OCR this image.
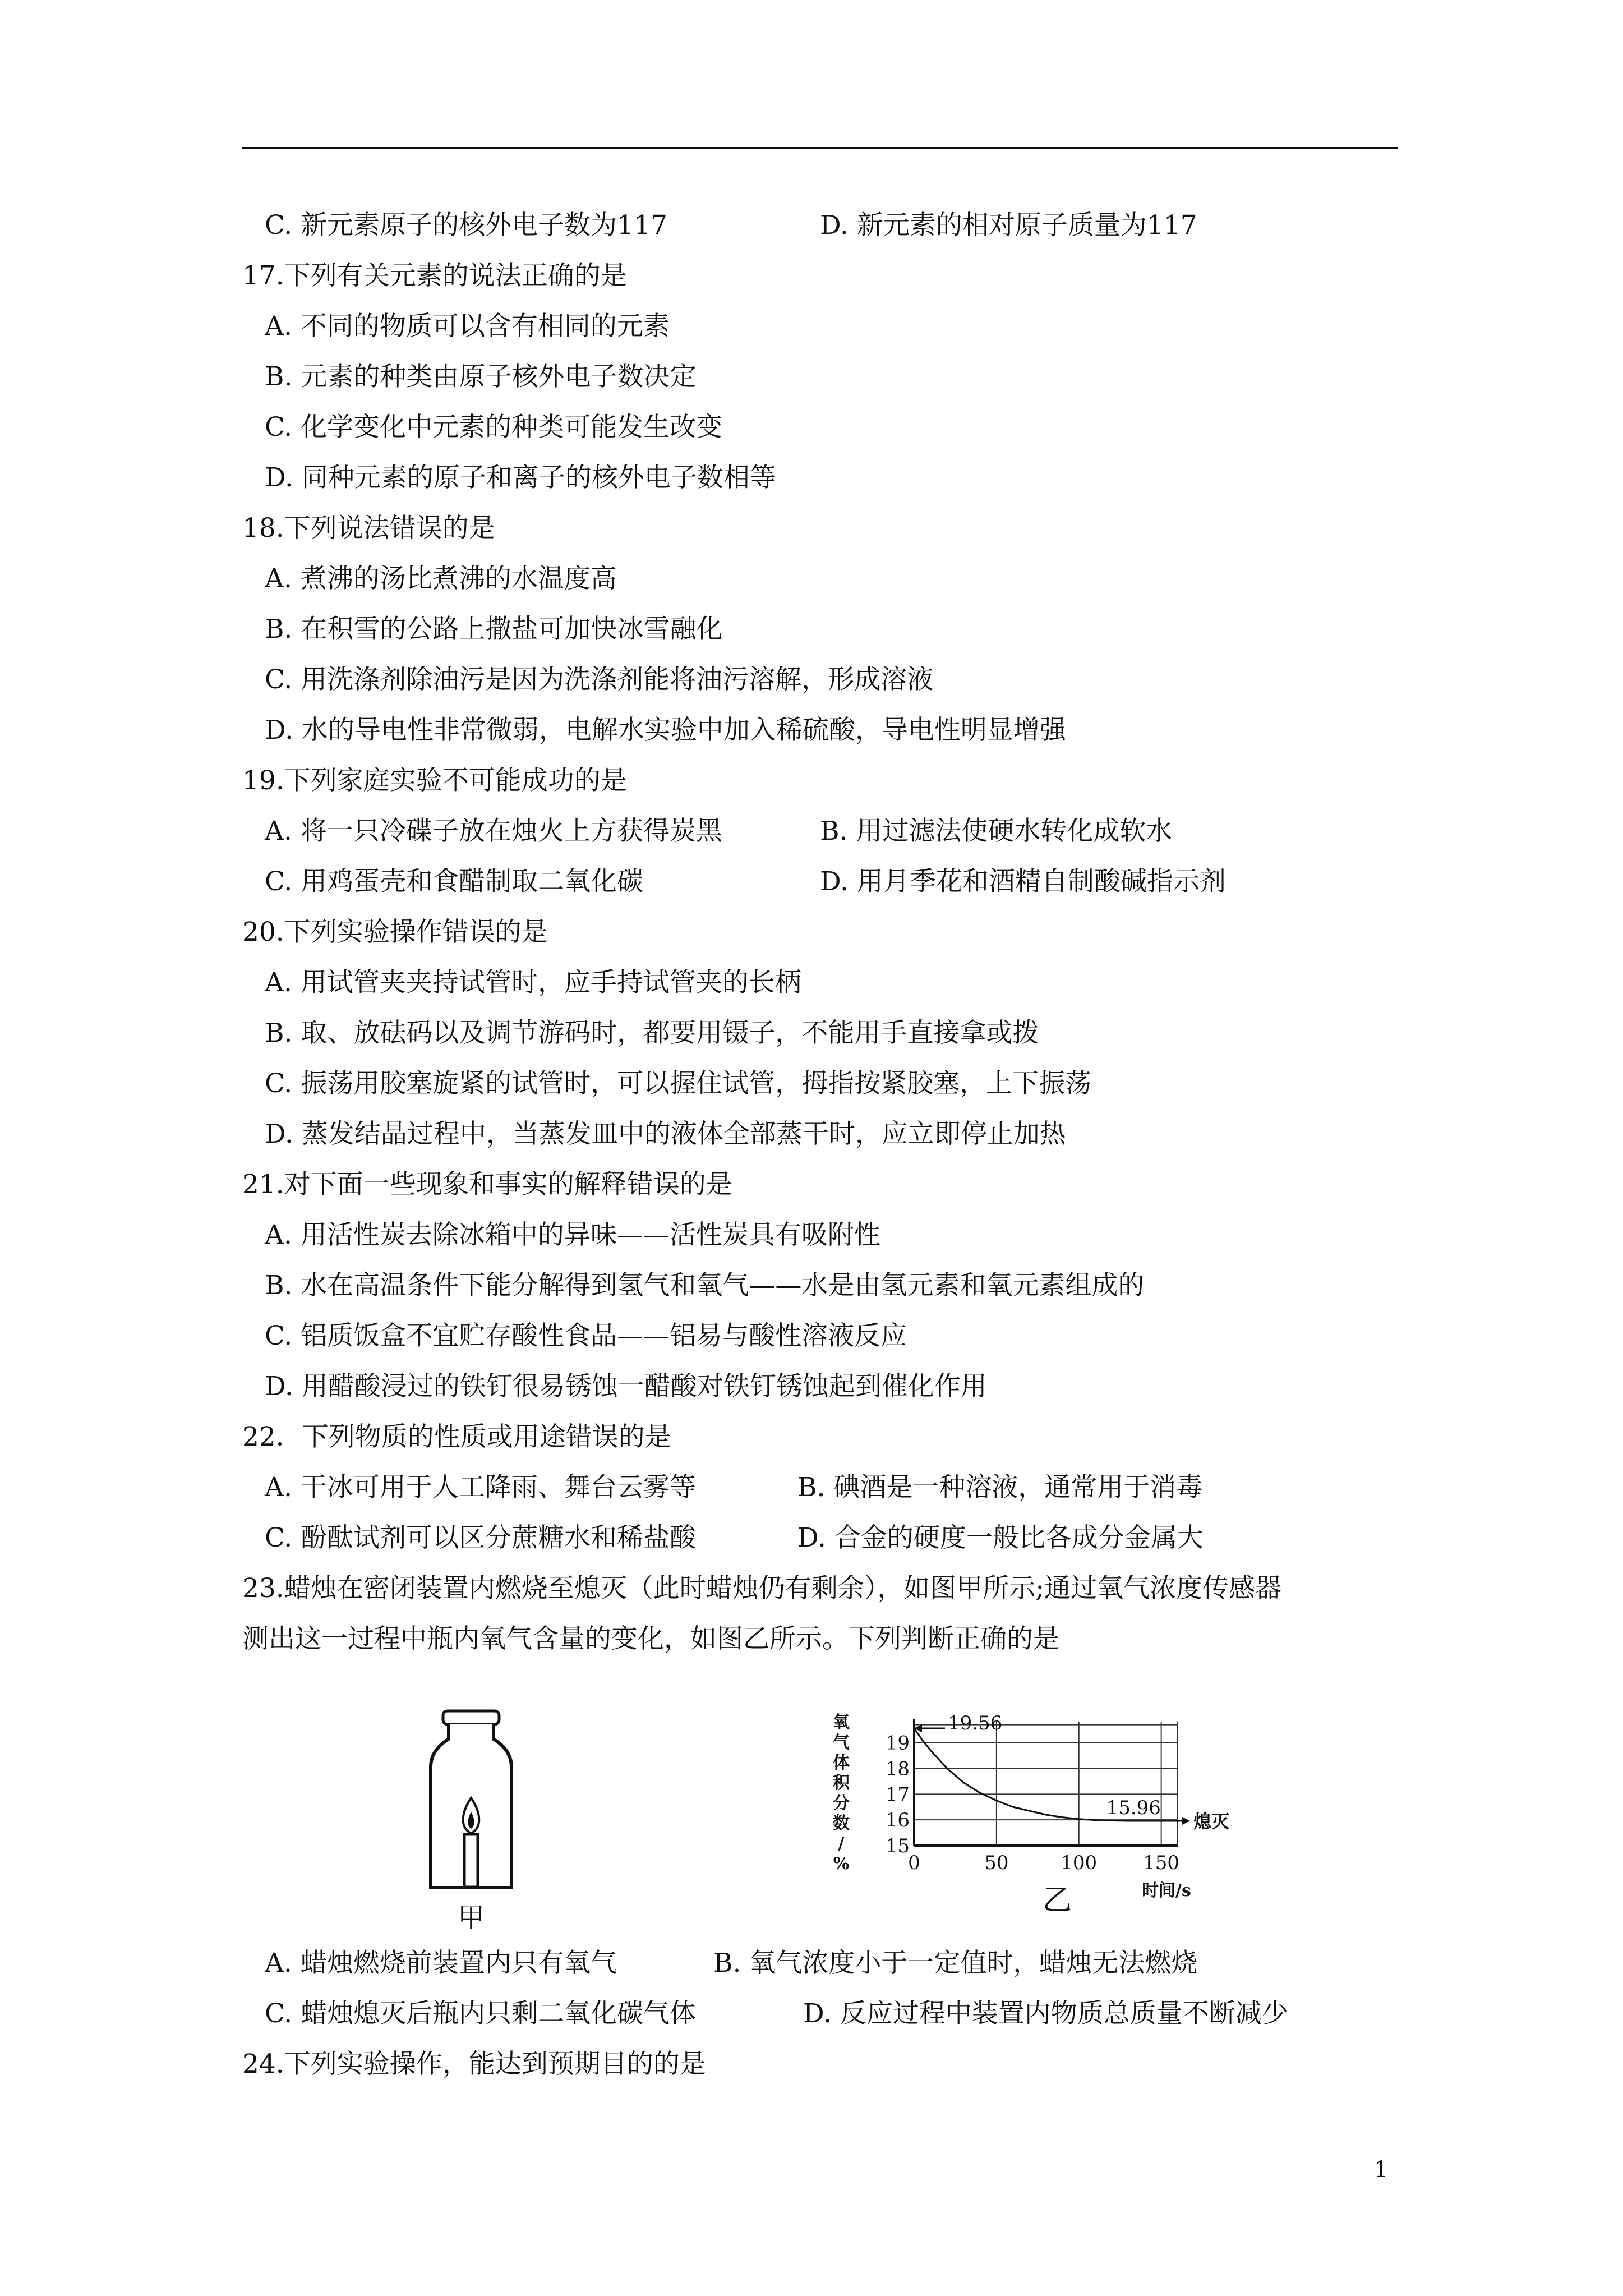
C. 新元素原子的核外电子数为117	D. 新元素的相对原子质量为117
17.下列有关元素的说法正确的是
A. 不同的物质可以含有相同的元素
B. 元素的种类由原子核外电子数决定
C. 化学变化中元素的种类可能发生改变
D. 同种元素的原子和离子的核外电子数相等
18.下列说法错误的是
A. 煮沸的汤比煮沸的水温度高
B. 在积雪的公路上撒盐可加快冰雪融化
C. 用洗涤剂除油污是因为洗涤剂能将油污溶解，形成溶液
D. 水的导电性非常微弱，电解水实验中加入稀硫酸，导电性明显增强
19.下列家庭实验不可能成功的是
A. 将一只冷碟子放在烛火上方获得炭黑	B. 用过滤法使硬水转化成软水
C. 用鸡蛋壳和食醋制取二氧化碳	D. 用月季花和酒精自制酸碱指示剂
20.下列实验操作错误的是
A. 用试管夹夹持试管时，应手持试管夹的长柄
B. 取、放砝码以及调节游码时，都要用镊子，不能用手直接拿或拨
C. 振荡用胶塞旋紧的试管时，可以握住试管，拇指按紧胶塞，上下振荡
D. 蒸发结晶过程中，当蒸发皿中的液体全部蒸干时，应立即停止加热
21.对下面一些现象和事实的解释错误的是
A. 用活性炭去除冰箱中的异味——活性炭具有吸附性
B. 水在高温条件下能分解得到氢气和氧气——水是由氢元素和氧元素组成的
C. 铝质饭盒不宜贮存酸性食品——铝易与酸性溶液反应
D. 用醋酸浸过的铁钉很易锈蚀一醋酸对铁钉锈蚀起到催化作用
22．下列物质的性质或用途错误的是
A. 干冰可用于人工降雨、舞台云雾等	B. 碘酒是一种溶液，通常用于消毒
C. 酚酞试剂可以区分蔗糖水和稀盐酸	D. 合金的硬度一般比各成分金属大
23.蜡烛在密闭装置内燃烧至熄灭（此时蜡烛仍有剩余），如图甲所示;通过氧气浓度传感器
测出这一过程中瓶内氧气含量的变化，如图乙所示。下列判断正确的是
A. 蜡烛燃烧前装置内只有氧气	B. 氧气浓度小于一定值时，蜡烛无法燃烧
C. 蜡烛熄灭后瓶内只剩二氧化碳气体	D. 反应过程中装置内物质总质量不断减少
24.下列实验操作，能达到预期目的的是
甲
15
16
17
18
19
0	50	100 150
19.56
15.96
熄灭
氧
气
体
积
分
数
/
%
时间/s
乙
1
